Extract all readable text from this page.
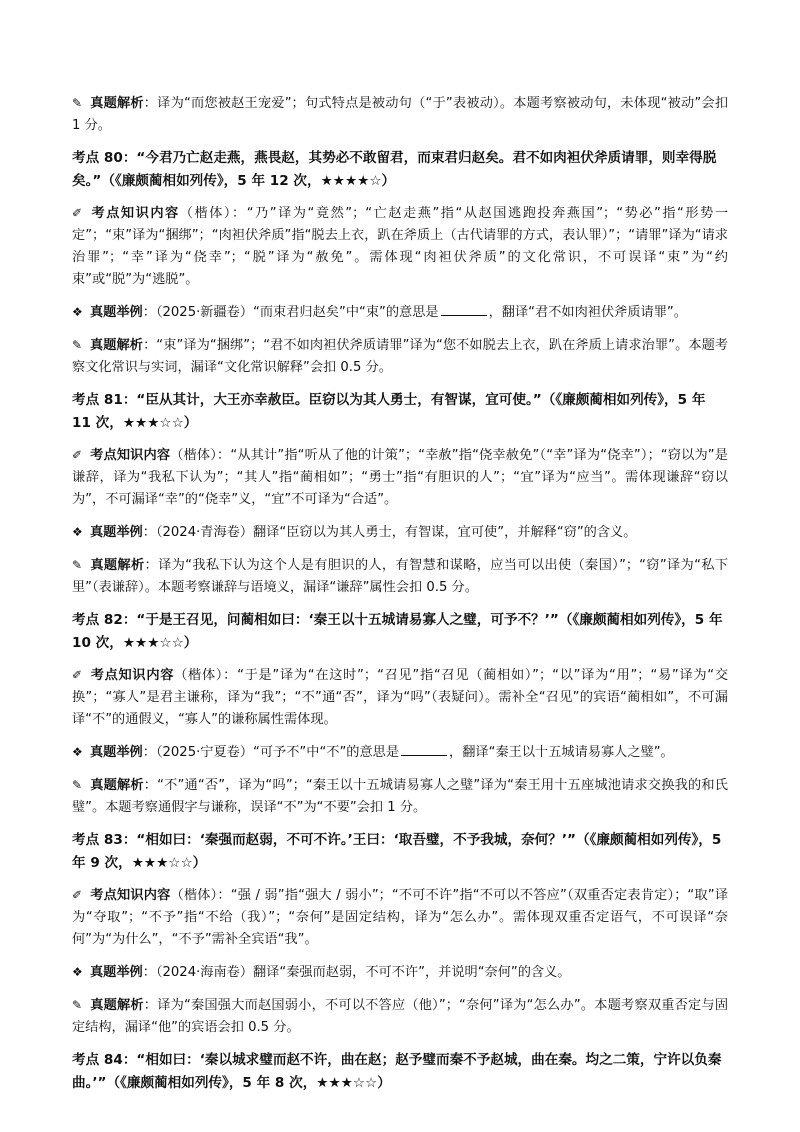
✎ 真题解析：译为“而您被赵王宠爱”；句式特点是被动句（“于”表被动）。本题考察被动句，未体现“被动”会扣 1 分。
考点 80：“今君乃亡赵走燕，燕畏赵，其势必不敢留君，而束君归赵矣。君不如肉袒伏斧质请罪，则幸得脱矣。”（《廉颇蔺相如列传》，5 年 12 次，★★★★☆）
✐ 考点知识内容（楷体）：“乃”译为“竟然”；“亡赵走燕”指“从赵国逃跑投奔燕国”；“势必”指“形势一定”；“束”译为“捆绑”；“肉袒伏斧质”指“脱去上衣，趴在斧质上（古代请罪的方式，表认罪）”；“请罪”译为“请求治罪”；“幸”译为“侥幸”；“脱”译为“赦免”。需体现“肉袒伏斧质”的文化常识，不可误译“束”为“约束”或“脱”为“逃脱”。
❖ 真题举例：（2025·新疆卷）“而束君归赵矣”中“束”的意思是	，翻译“君不如肉袒伏斧质请罪”。
✎ 真题解析：“束”译为“捆绑”；“君不如肉袒伏斧质请罪”译为“您不如脱去上衣，趴在斧质上请求治罪”。本题考察文化常识与实词，漏译“文化常识解释”会扣 0.5 分。
考点 81：“臣从其计，大王亦幸赦臣。臣窃以为其人勇士，有智谋，宜可使。”（《廉颇蔺相如列传》，5 年 11 次，★★★☆☆）
✐ 考点知识内容（楷体）：“从其计”指“听从了他的计策”；“幸赦”指“侥幸赦免”（“幸”译为“侥幸”）；“窃以为”是谦辞，译为“我私下认为”；“其人”指“蔺相如”；“勇士”指“有胆识的人”；“宜”译为“应当”。需体现谦辞“窃以为”，不可漏译“幸”的“侥幸”义，“宜”不可译为“合适”。
❖ 真题举例：（2024·青海卷）翻译“臣窃以为其人勇士，有智谋，宜可使”，并解释“窃”的含义。
✎ 真题解析：译为“我私下认为这个人是有胆识的人，有智慧和谋略，应当可以出使（秦国）”；“窃”译为“私下里”（表谦辞）。本题考察谦辞与语境义，漏译“谦辞”属性会扣 0.5 分。
考点 82：“于是王召见，问蔺相如曰：‘秦王以十五城请易寡人之璧，可予不？’”（《廉颇蔺相如列传》，5 年 10 次，★★★☆☆）
✐ 考点知识内容（楷体）：“于是”译为“在这时”；“召见”指“召见（蔺相如）”；“以”译为“用”；“易”译为“交换”；“寡人”是君主谦称，译为“我”；“不”通“否”，译为“吗”（表疑问）。需补全“召见”的宾语“蔺相如”，不可漏译“不”的通假义，“寡人”的谦称属性需体现。
❖ 真题举例：（2025·宁夏卷）“可予不”中“不”的意思是	，翻译“秦王以十五城请易寡人之璧”。
✎ 真题解析：“不”通“否”，译为“吗”；“秦王以十五城请易寡人之璧”译为“秦王用十五座城池请求交换我的和氏璧”。本题考察通假字与谦称，误译“不”为“不要”会扣 1 分。
考点 83：“相如曰：‘秦强而赵弱，不可不许。’王曰：‘取吾璧，不予我城，奈何？’”（《廉颇蔺相如列传》，5 年 9 次，★★★☆☆）
✐ 考点知识内容（楷体）：“强 / 弱”指“强大 / 弱小”；“不可不许”指“不可以不答应”（双重否定表肯定）；“取”译为“夺取”；“不予”指“不给（我）”；“奈何”是固定结构，译为“怎么办”。需体现双重否定语气，不可误译“奈何”为“为什么”，“不予”需补全宾语“我”。
❖ 真题举例：（2024·海南卷）翻译“秦强而赵弱，不可不许”，并说明“奈何”的含义。
✎ 真题解析：译为“秦国强大而赵国弱小，不可以不答应（他）”；“奈何”译为“怎么办”。本题考察双重否定与固定结构，漏译“他”的宾语会扣 0.5 分。
考点 84：“相如曰：‘秦以城求璧而赵不许，曲在赵；赵予璧而秦不予赵城，曲在秦。均之二策，宁许以负秦曲。’”（《廉颇蔺相如列传》，5 年 8 次，★★★☆☆）
